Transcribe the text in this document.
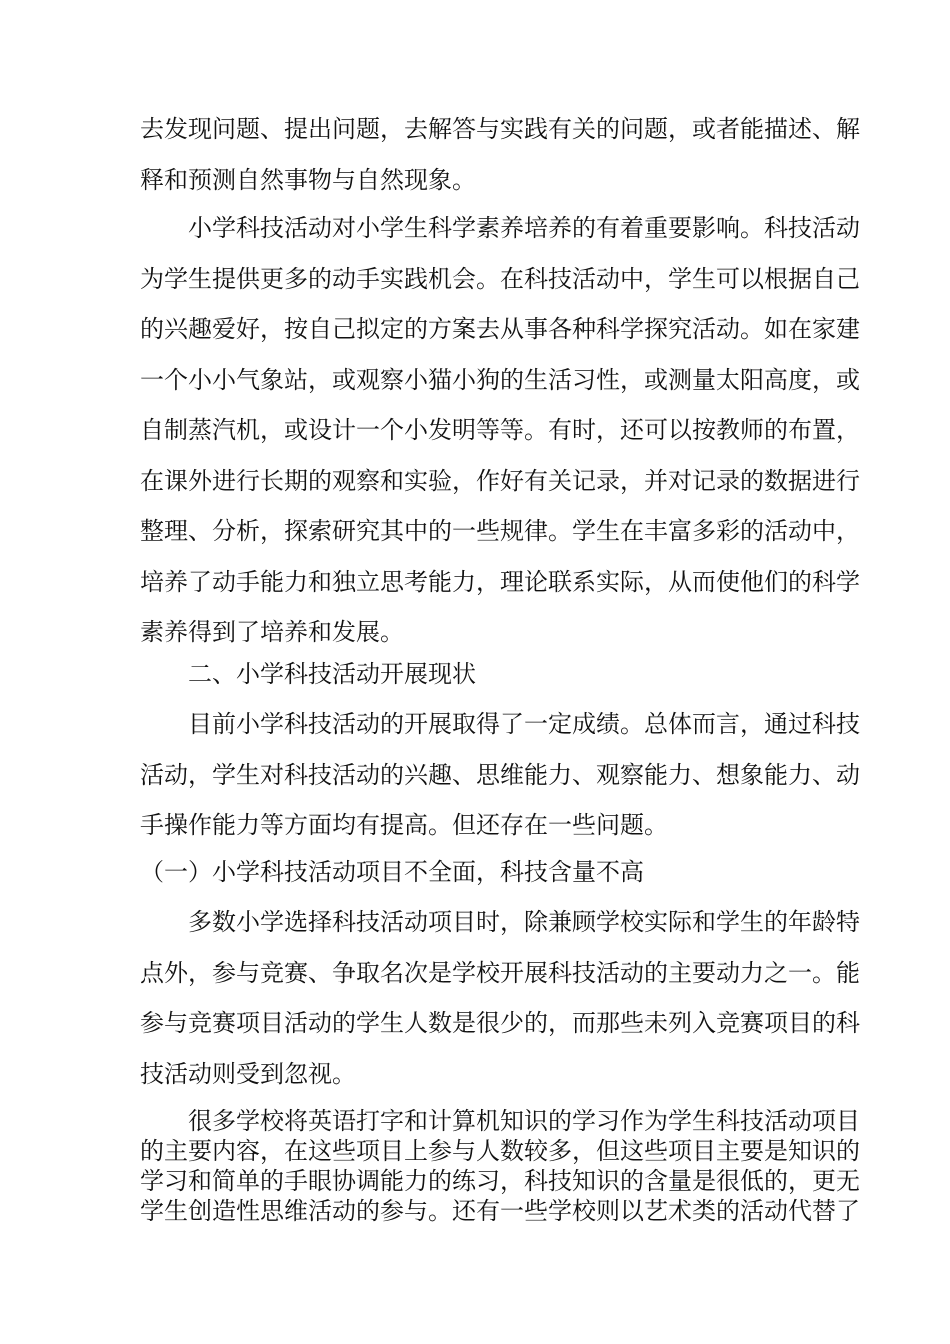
去发现问题、提出问题，去解答与实践有关的问题，或者能描述、解
释和预测自然事物与自然现象。
小学科技活动对小学生科学素养培养的有着重要影响。科技活动
为学生提供更多的动手实践机会。在科技活动中，学生可以根据自己
的兴趣爱好，按自己拟定的方案去从事各种科学探究活动。如在家建
一个小小气象站，或观察小猫小狗的生活习性，或测量太阳高度，或
自制蒸汽机，或设计一个小发明等等。有时，还可以按教师的布置，
在课外进行长期的观察和实验，作好有关记录，并对记录的数据进行
整理、分析，探索研究其中的一些规律。学生在丰富多彩的活动中，
培养了动手能力和独立思考能力，理论联系实际，从而使他们的科学
素养得到了培养和发展。
二、小学科技活动开展现状
目前小学科技活动的开展取得了一定成绩。总体而言，通过科技
活动，学生对科技活动的兴趣、思维能力、观察能力、想象能力、动
手操作能力等方面均有提高。但还存在一些问题。
（一）小学科技活动项目不全面，科技含量不高
多数小学选择科技活动项目时，除兼顾学校实际和学生的年龄特
点外，参与竞赛、争取名次是学校开展科技活动的主要动力之一。能
参与竞赛项目活动的学生人数是很少的，而那些未列入竞赛项目的科
技活动则受到忽视。
很多学校将英语打字和计算机知识的学习作为学生科技活动项目
的主要内容，在这些项目上参与人数较多，但这些项目主要是知识的
学习和简单的手眼协调能力的练习，科技知识的含量是很低的，更无
学生创造性思维活动的参与。还有一些学校则以艺术类的活动代替了
